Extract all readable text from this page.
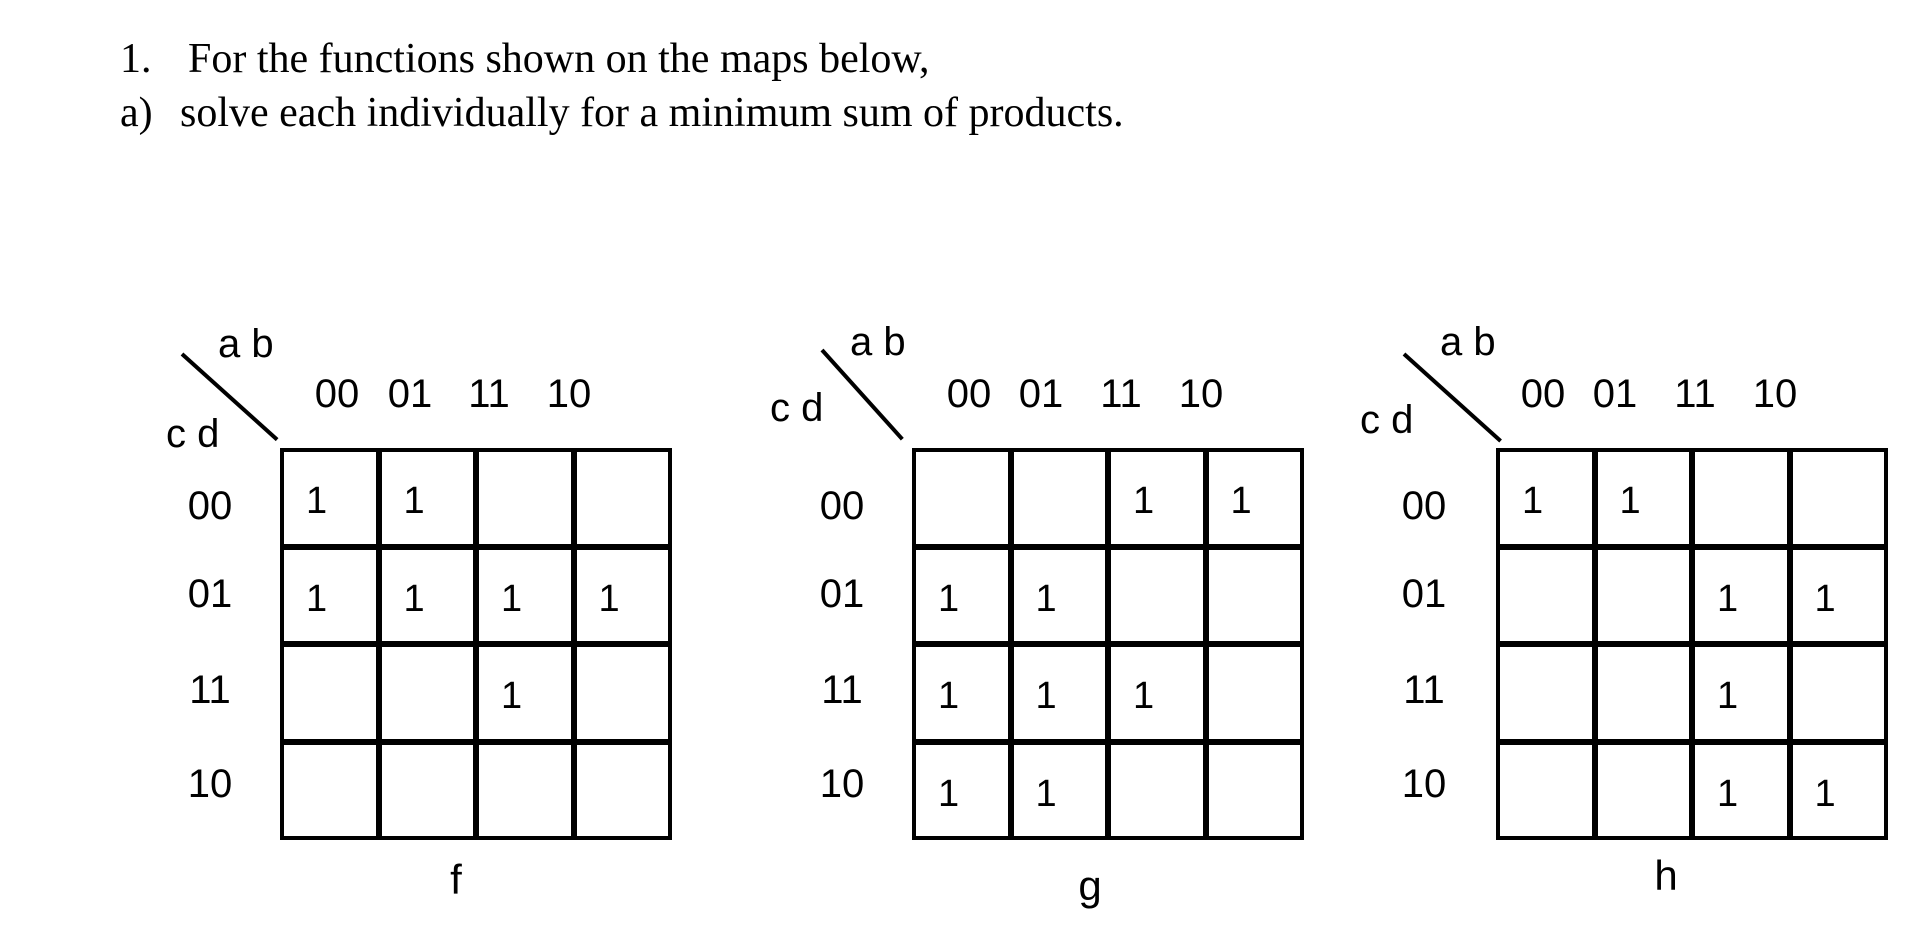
1. For the functions shown on the maps below,
a) solve each individually for a minimum sum of products.
a b
c d
00 01 11 10
00
01
11
10
1 1
1 1 1 1
1
f
a b
c d	00 01 11 10
00
01
11
10
1 1
1 1
1 1 1
1 1
g
a b
c d
00 01 11 10
00
01
11
10
1 1
1 1
1
1 1
h
